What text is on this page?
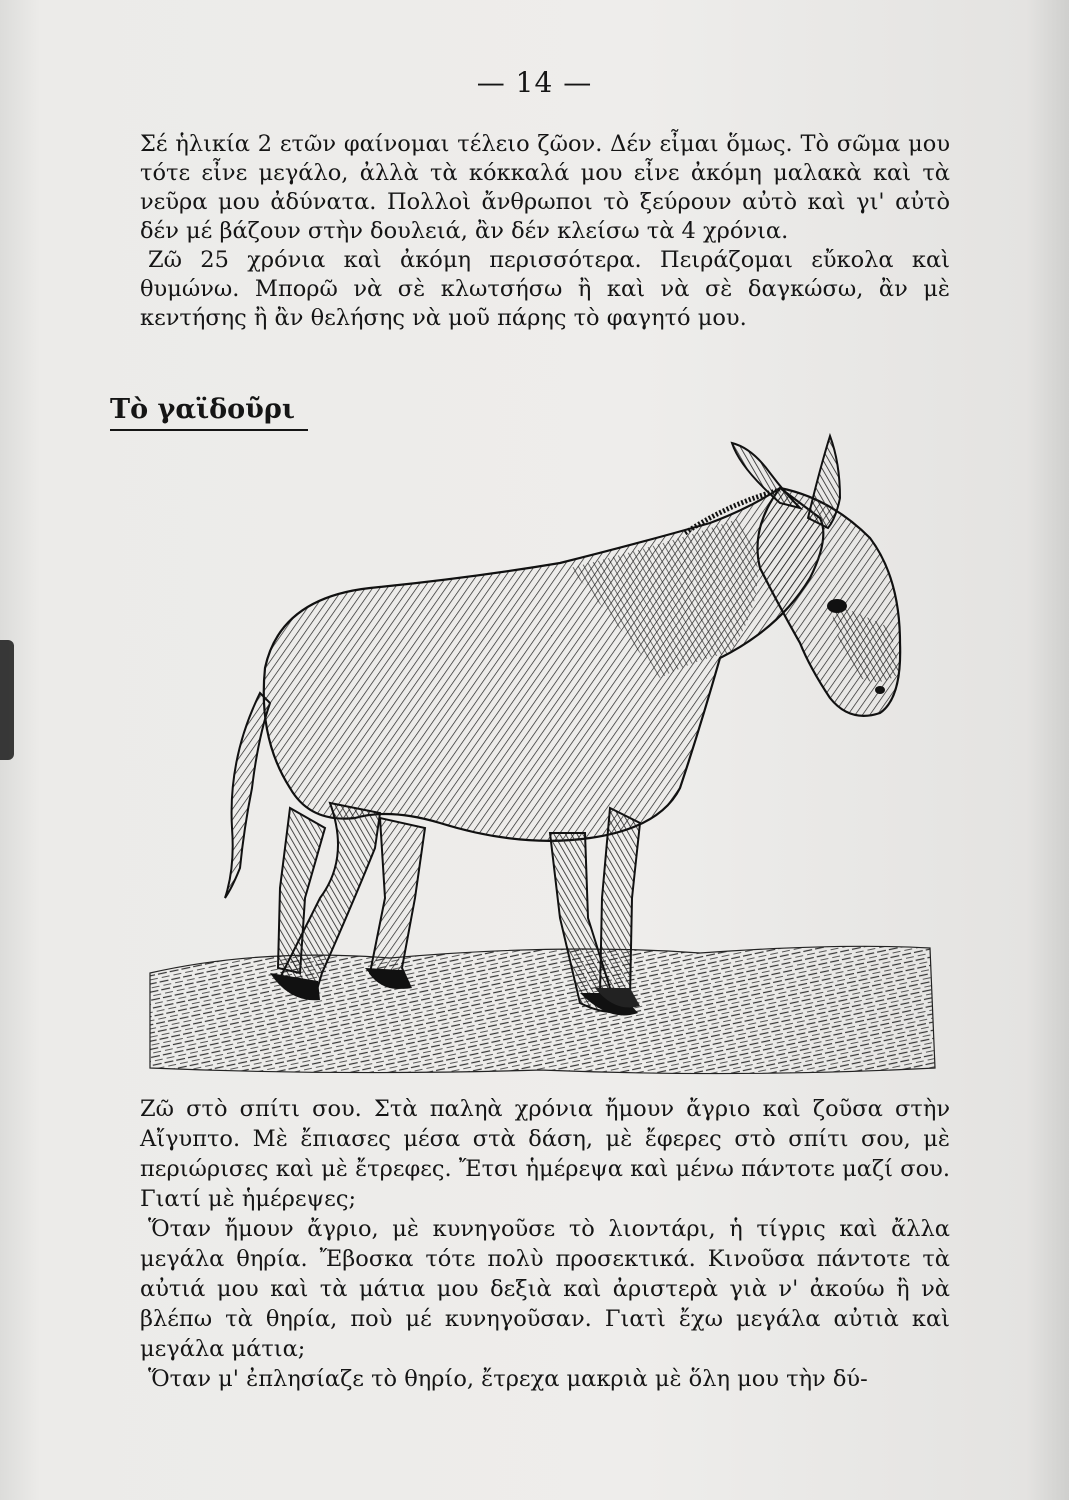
— 14 —

Σέ ἡλικία 2 ετῶν φαίνομαι τέλειο ζῶον. Δέν εἶμαι ὅμως. Τὸ σῶμα μου τότε εἶνε μεγάλο, ἀλλὰ τὰ κόκκαλά μου εἶνε ἀκόμη μαλακὰ καὶ τὰ νεῦρα μου ἀδύνατα. Πολλοὶ ἄνθρωποι τὸ ξεύρουν αὐτὸ καὶ γι' αὐτὸ δέν μέ βάζουν στὴν δουλειά, ἂν δέν κλείσω τὰ 4 χρόνια.

Ζῶ 25 χρόνια καὶ ἀκόμη περισσότερα. Πειράζομαι εὔκολα καὶ θυμώνω. Μπορῶ νὰ σὲ κλωτσήσω ἢ καὶ νὰ σὲ δαγκώσω, ἂν μὲ κεντήσης ἢ ἂν θελήσης νὰ μοῦ πάρης τὸ φαγητό μου.

Τὸ γαϊδοῦρι

Ζῶ στὸ σπίτι σου. Στὰ παληὰ χρόνια ἤμουν ἄγριο καὶ ζοῦσα στὴν Αἴγυπτο. Μὲ ἔπιασες μέσα στὰ δάση, μὲ ἔφερες στὸ σπίτι σου, μὲ περιώρισες καὶ μὲ ἔτρεφες. Ἔτσι ἡμέρεψα καὶ μένω πάντοτε μαζί σου. Γιατί μὲ ἡμέρεψες;

Ὅταν ἤμουν ἄγριο, μὲ κυνηγοῦσε τὸ λιοντάρι, ἡ τίγρις καὶ ἄλλα μεγάλα θηρία. Ἔβοσκα τότε πολὺ προσεκτικά. Κινοῦσα πάντοτε τὰ αὐτιά μου καὶ τὰ μάτια μου δεξιὰ καὶ ἀριστερὰ γιὰ ν' ἀκούω ἢ νὰ βλέπω τὰ θηρία, ποὺ μέ κυνηγοῦσαν. Γιατὶ ἔχω μεγάλα αὐτιὰ καὶ μεγάλα μάτια;

Ὅταν μ' ἐπλησίαζε τὸ θηρίο, ἔτρεχα μακριὰ μὲ ὅλη μου τὴν δύ-
